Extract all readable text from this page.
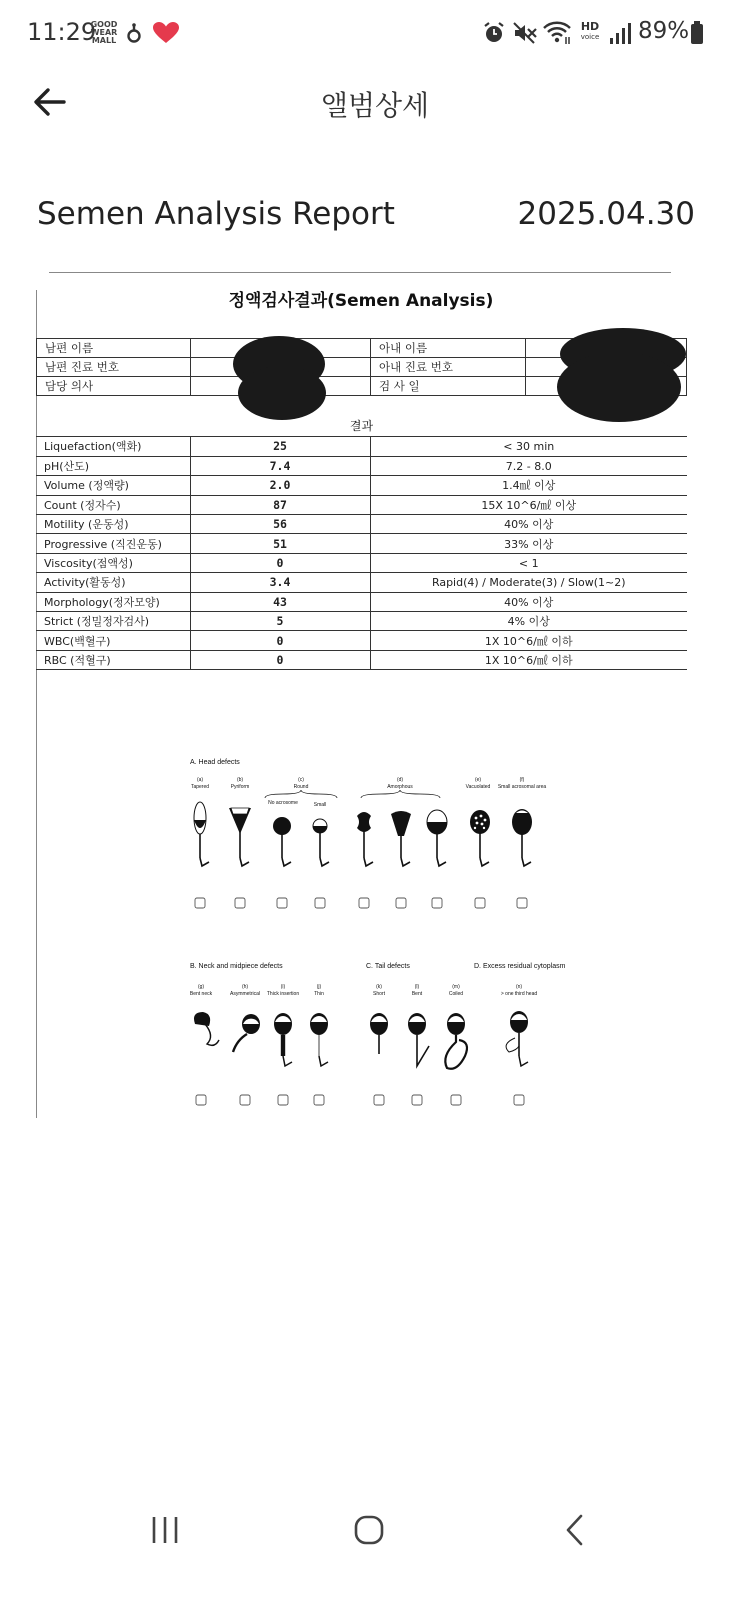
11:29
GOOD
WEAR
MALL
HD
voice 89%
앨범상세
Semen Analysis Report	2025.04.30
정액검사결과(Semen Analysis)
남편 이름		아내 이름	
남편 진료 번호		아내 진료 번호	
담당 의사		검 사 일	
결과
Liquefaction(액화)	25	< 30 min
pH(산도)	7.4	7.2 - 8.0
Volume (정액량)	2.0	1.4㎖ 이상
Count (정자수)	87	15X 10^6/㎖ 이상
Motility (운동성)	56	40% 이상
Progressive (직진운동)	51	33% 이상
Viscosity(점액성)	0	< 1
Activity(활동성)	3.4	Rapid(4) / Moderate(3) / Slow(1~2)
Morphology(정자모양)	43	40% 이상
Strict (정밀정자검사)	5	4% 이상
WBC(백혈구)	0	1X 10^6/㎖ 이하
RBC (적혈구)	0	1X 10^6/㎖ 이하
A. Head defects
(a)
Tapered
(b)
Pyriform
(c)
Round
No acrosome	Small
(d)
Amorphous
(e)
Vacuolated
(f)
Small acrosomal area
B. Neck and midpiece defects	C. Tail defects	D. Excess residual cytoplasm
(g)
Bent neck
(h)
Asymmetrical
(i)
Thick insertion
(j)
Thin
(k)
Short
(l)
Bent
(m)
Coiled
(n)
> one third head
